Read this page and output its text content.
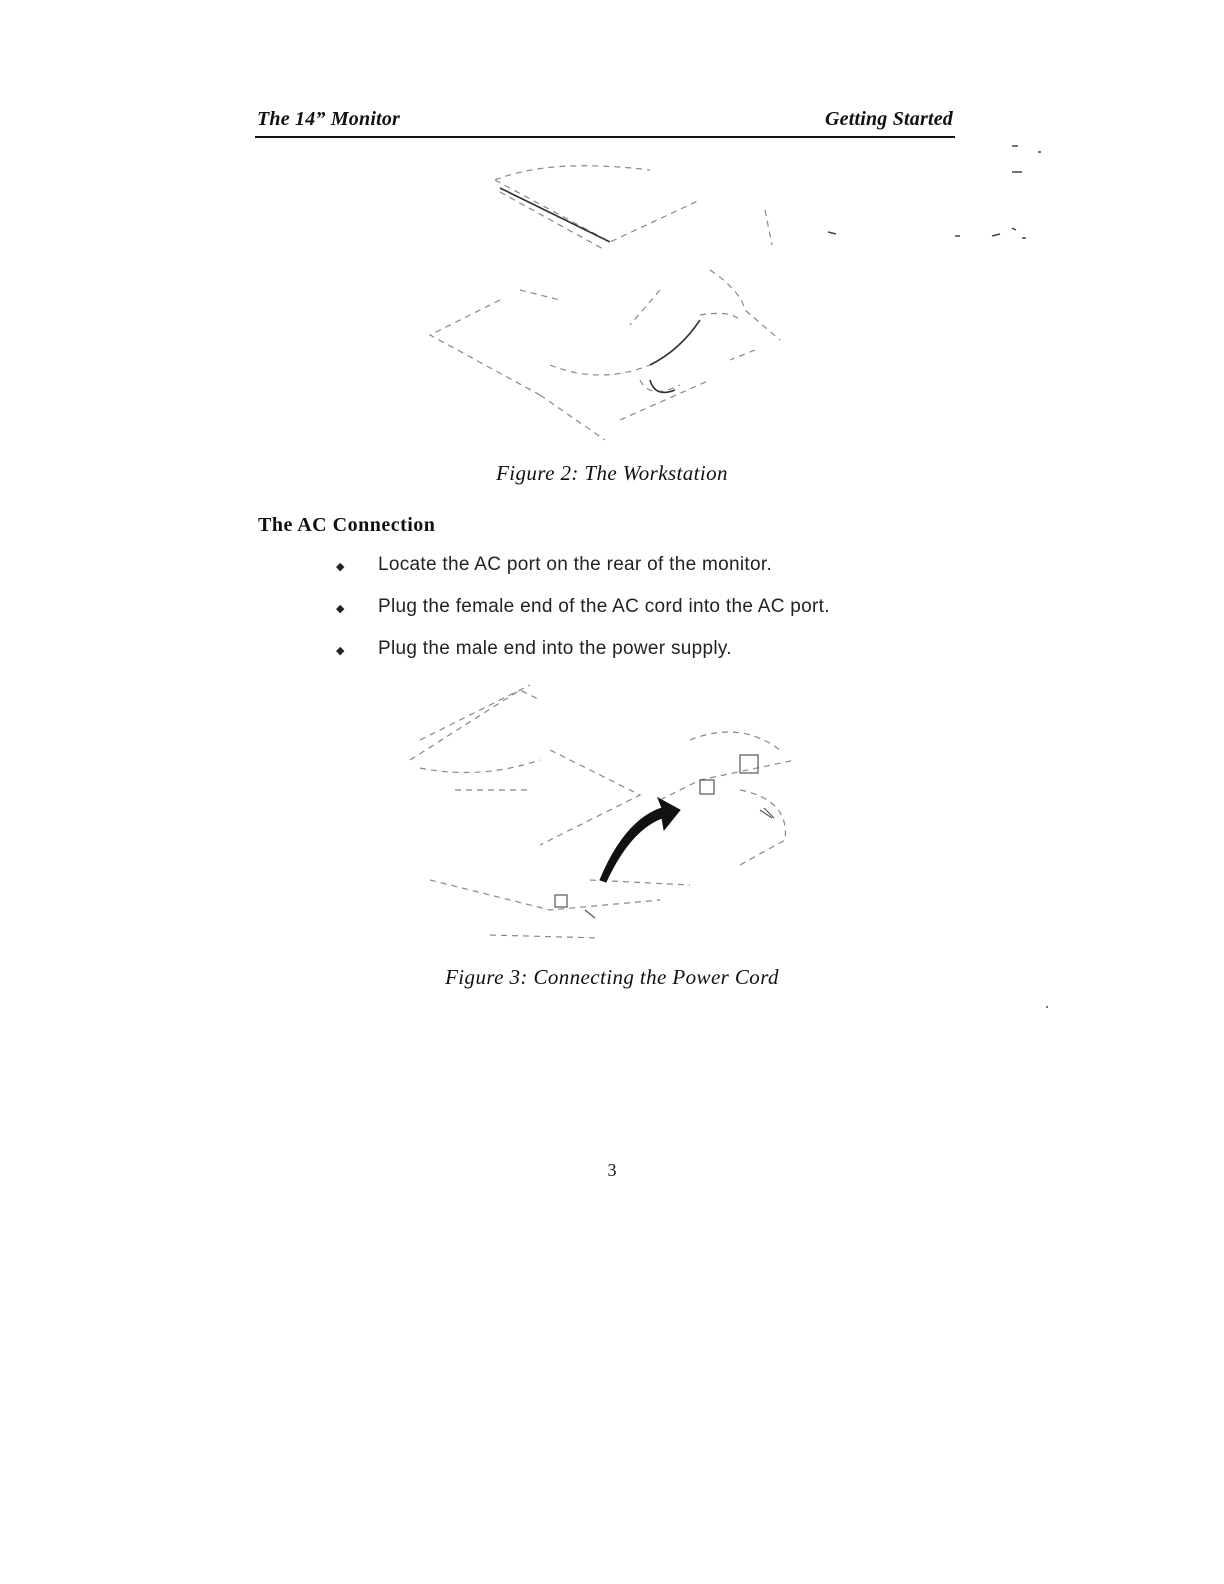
The 14” Monitor	Getting Started
Figure 2: The Workstation
The AC Connection
◆ Locate the AC port on the rear of the monitor.
◆ Plug the female end of the AC cord into the AC port.
◆ Plug the male end into the power supply.
Figure 3: Connecting the Power Cord
3
